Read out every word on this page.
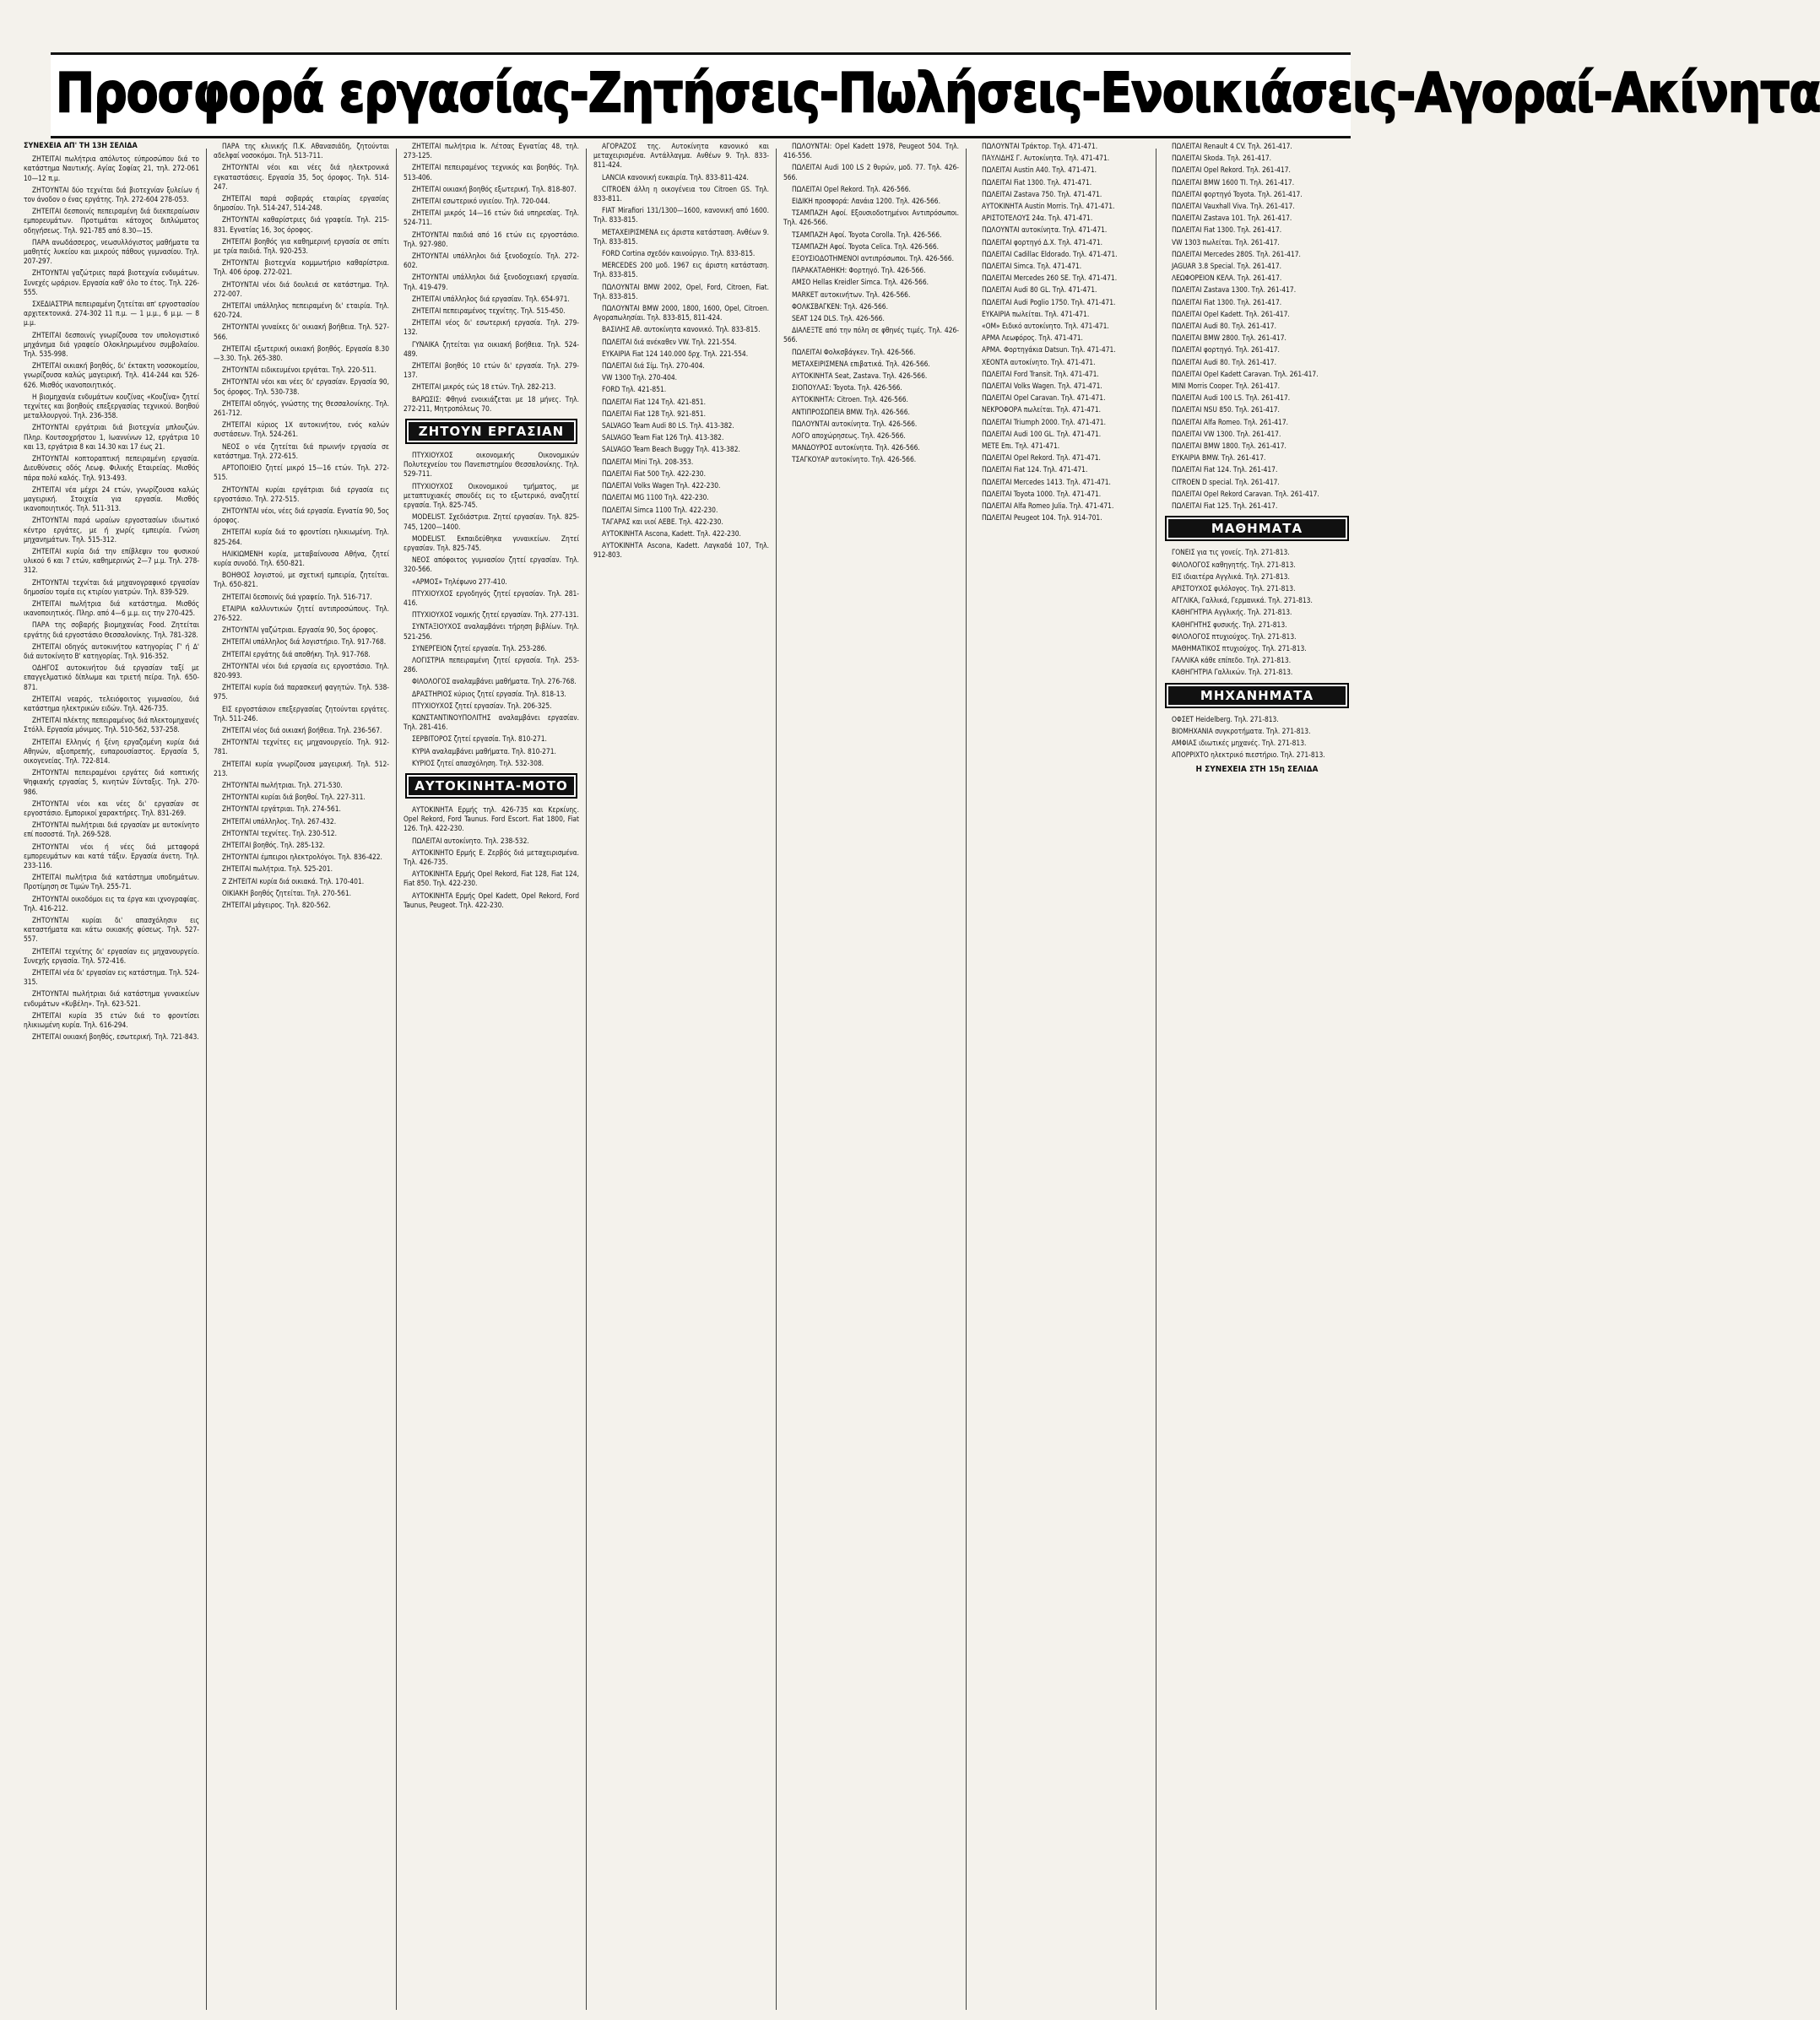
Προσφορά εργασίας-Ζητήσεις-Πωλήσεις-Ενοικιάσεις-Αγοραί-Ακίνητα
ΣΥΝΕΧΕΙΑ ΑΠ' ΤΗ 13Η ΣΕΛΙΔΑ
ΖΗΤΕΙΤΑΙ πωλήτρια απόλυτος εύπροσώπου διά το κατάστημα Ναυτικής. Αγίας Σοφίας 21, τηλ. 272-061 10—12 π.μ.
ΖΗΤΟΥΝΤΑΙ δύο τεχνίται διά βιοτεχνίαν ξυλείων ή τον άνοδον ο ένας εργάτης. Τηλ. 272-604 278-053.
ΖΗΤΕΙΤΑΙ δεσποινίς πεπειραμένη διά διεκπεραίωσιν εμπορευμάτων. Προτιμάται κάτοχος διπλώματος οδηγήσεως. Τηλ. 921-785 από 8.30—15.
ΠΑΡΑ ανωδάσσερος, νεωσυλλόγιστος μαθήματα τα μαθητές λυκείου και μικρούς πάθους γυμνασίου. Τηλ. 207-297.
ΖΗΤΟΥΝΤΑΙ γαζώτριες παρά βιοτεχνία ενδυμάτων. Συνεχές ωράριον. Εργασία καθ' όλο το έτος. Τηλ. 226-555.
ΣΧΕΔΙΑΣΤΡΙΑ πεπειραμένη ζητείται απ' εργοστασίου αρχιτεκτονικά. 274-302 11 π.μ. — 1 μ.μ., 6 μ.μ. — 8 μ.μ.
ΖΗΤΕΙΤΑΙ δεσποινίς γνωρίζουσα τον υπολογιστικό μηχάνημα διά γραφείο Ολοκληρωμένου συμβολαίου. Τηλ. 535-998.
ΖΗΤΕΙΤΑΙ οικιακή βοηθός, δι' έκτακτη νοσοκομείου, γνωρίζουσα καλώς μαγειρική. Τηλ. 414-244 και 526-626. Μισθός ικανοποιητικός.
Η βιομηχανία ενδυμάτων κουζίνας «Κουζίνα» ζητεί τεχνίτες και βοηθούς επεξεργασίας τεχνικού. Βοηθού μεταλλουργού. Τηλ. 236-358.
ΖΗΤΟΥΝΤΑΙ εργάτριαι διά βιοτεχνία μπλουζών. Πληρ. Κουτσοχρήστου 1, Ιωαννίνων 12, εργάτρια 10 και 13, εργάτρια 8 και 14.30 και 17 έως 21.
ΖΗΤΟΥΝΤΑΙ κοπτοραπτική πεπειραμένη εργασία. Διευθύνσεις οδός Λεωφ. Φιλικής Εταιρείας. Μισθός πάρα πολύ καλός. Τηλ. 913-493.
ΖΗΤΕΙΤΑΙ νέα μέχρι 24 ετών, γνωρίζουσα καλώς μαγειρική. Στοιχεία για εργασία. Μισθός ικανοποιητικός. Τηλ. 511-313.
ΖΗΤΟΥΝΤΑΙ παρά ωραίων εργοστασίων ιδιωτικό κέντρο εργάτες, με ή χωρίς εμπειρία. Γνώση μηχανημάτων. Τηλ. 515-312.
ΖΗΤΕΙΤΑΙ κυρία διά την επίβλεψιν του φυσικού υλικού 6 και 7 ετών, καθημερινώς 2—7 μ.μ. Τηλ. 278-312.
ΖΗΤΟΥΝΤΑΙ τεχνίται διά μηχανογραφικό εργασίαν δημοσίου τομέα εις κτιρίου γιατρών. Τηλ. 839-529.
ΖΗΤΕΙΤΑΙ πωλήτρια διά κατάστημα. Μισθός ικανοποιητικός. Πληρ. από 4—6 μ.μ. εις την 270-425.
ΠΑΡΑ της σοβαρής βιομηχανίας Food. Ζητείται εργάτης διά εργοστάσιο Θεσσαλονίκης. Τηλ. 781-328.
ΖΗΤΕΙΤΑΙ οδηγός αυτοκινήτου κατηγορίας Γ' ή Δ' διά αυτοκίνητο Β' κατηγορίας. Τηλ. 916-352.
ΟΔΗΓΟΣ αυτοκινήτου διά εργασίαν ταξί με επαγγελματικό δίπλωμα και τριετή πείρα. Τηλ. 650-871.
ΖΗΤΕΙΤΑΙ νεαρός, τελειόφοιτος γυμνασίου, διά κατάστημα ηλεκτρικών ειδών. Τηλ. 426-735.
ΖΗΤΕΙΤΑΙ πλέκτης πεπειραμένος διά πλεκτομηχανές Στόλλ. Εργασία μόνιμος. Τηλ. 510-562, 537-258.
ΖΗΤΕΙΤΑΙ Ελληνίς ή ξένη εργαζομένη κυρία διά Αθηνών, αξιοπρεπής, ευπαρουσίαστος. Εργασία 5, οικογενείας. Τηλ. 722-814.
ΖΗΤΟΥΝΤΑΙ πεπειραμένοι εργάτες διά κοπτικής Ψηφιακής εργασίας 5, κινητών Σύνταξις. Τηλ. 270-986.
ΖΗΤΟΥΝΤΑΙ νέοι και νέες δι' εργασίαν σε εργοστάσιο. Εμπορικοί χαρακτήρες. Τηλ. 831-269.
ΖΗΤΟΥΝΤΑΙ πωλήτριαι διά εργασίαν με αυτοκίνητο επί ποσοστά. Τηλ. 269-528.
ΖΗΤΟΥΝΤΑΙ νέοι ή νέες διά μεταφορά εμπορευμάτων και κατά τάξιν. Εργασία άνετη. Τηλ. 233-116.
ΖΗΤΕΙΤΑΙ πωλήτρια διά κατάστημα υποδημάτων. Προτίμηση σε Τιμών Τηλ. 255-71.
ΖΗΤΟΥΝΤΑΙ οικοδόμοι εις τα έργα και ιχνογραφίας. Τηλ. 416-212.
ΖΗΤΟΥΝΤΑΙ κυρίαι δι' απασχόλησιν εις καταστήματα και κάτω οικιακής φύσεως. Τηλ. 527-557.
ΖΗΤΕΙΤΑΙ τεχνίτης δι' εργασίαν εις μηχανουργείο. Συνεχής εργασία. Τηλ. 572-416.
ΖΗΤΕΙΤΑΙ νέα δι' εργασίαν εις κατάστημα. Τηλ. 524-315.
ΖΗΤΟΥΝΤΑΙ πωλήτριαι διά κατάστημα γυναικείων ενδυμάτων «Κυβέλη». Τηλ. 623-521.
ΖΗΤΕΙΤΑΙ κυρία 35 ετών διά το φροντίσει ηλικιωμένη κυρία. Τηλ. 616-294.
ΖΗΤΕΙΤΑΙ οικιακή βοηθός, εσωτερική. Τηλ. 721-843.
ΠΑΡΑ της κλινικής Π.Κ. Αθανασιάδη, ζητούνται αδελφαί νοσοκόμοι. Τηλ. 513-711.
ΖΗΤΟΥΝΤΑΙ νέοι και νέες διά ηλεκτρονικά εγκαταστάσεις. Εργασία 35, 5ος όροφος. Τηλ. 514-247.
ΖΗΤΕΙΤΑΙ παρά σοβαράς εταιρίας εργασίας δημοσίου. Τηλ. 514-247, 514-248.
ΖΗΤΟΥΝΤΑΙ καθαρίστριες διά γραφεία. Τηλ. 215-831. Εγνατίας 16, 3ος όροφος.
ΖΗΤΕΙΤΑΙ βοηθός για καθημερινή εργασία σε σπίτι με τρία παιδιά. Τηλ. 920-253.
ΖΗΤΟΥΝΤΑΙ βιοτεχνία κομμωτήριο καθαρίστρια. Τηλ. 406 όροφ. 272-021.
ΖΗΤΟΥΝΤΑΙ νέοι διά δουλειά σε κατάστημα. Τηλ. 272-007.
ΖΗΤΕΙΤΑΙ υπάλληλος πεπειραμένη δι' εταιρία. Τηλ. 620-724.
ΖΗΤΟΥΝΤΑΙ γυναίκες δι' οικιακή βοήθεια. Τηλ. 527-566.
ΖΗΤΕΙΤΑΙ εξωτερική οικιακή βοηθός. Εργασία 8.30—3.30. Τηλ. 265-380.
ΖΗΤΟΥΝΤΑΙ ειδικευμένοι εργάται. Τηλ. 220-511.
ΖΗΤΟΥΝΤΑΙ νέοι και νέες δι' εργασίαν. Εργασία 90, 5ος όροφος. Τηλ. 530-738.
ΖΗΤΕΙΤΑΙ οδηγός, γνώστης της Θεσσαλονίκης. Τηλ. 261-712.
ΖΗΤΕΙΤΑΙ κύριος 1Χ αυτοκινήτου, ενός καλών συστάσεων. Τηλ. 524-261.
ΝΕΟΣ ο νέα ζητείται διά πρωινήν εργασία σε κατάστημα. Τηλ. 272-615.
ΑΡΤΟΠΟΙΕΙΟ ζητεί μικρό 15—16 ετών. Τηλ. 272-515.
ΖΗΤΟΥΝΤΑΙ κυρίαι εργάτριαι διά εργασία εις εργοστάσιο. Τηλ. 272-515.
ΖΗΤΟΥΝΤΑΙ νέοι, νέες διά εργασία. Εγνατία 90, 5ος όροφος.
ΖΗΤΕΙΤΑΙ κυρία διά το φροντίσει ηλικιωμένη. Τηλ. 825-264.
ΗΛΙΚΙΩΜΕΝΗ κυρία, μεταβαίνουσα Αθήνα, ζητεί κυρία συνοδό. Τηλ. 650-821.
ΒΟΗΘΟΣ λογιστού, με σχετική εμπειρία, ζητείται. Τηλ. 650-821.
ΖΗΤΕΙΤΑΙ δεσποινίς διά γραφείο. Τηλ. 516-717.
ΕΤΑΙΡΙΑ καλλυντικών ζητεί αντιπροσώπους. Τηλ. 276-522.
ΖΗΤΟΥΝΤΑΙ γαζώτριαι. Εργασία 90, 5ος όροφος.
ΖΗΤΕΙΤΑΙ υπάλληλος διά λογιστήριο. Τηλ. 917-768.
ΖΗΤΕΙΤΑΙ εργάτης διά αποθήκη. Τηλ. 917-768.
ΖΗΤΟΥΝΤΑΙ νέοι διά εργασία εις εργοστάσιο. Τηλ. 820-993.
ΖΗΤΕΙΤΑΙ κυρία διά παρασκευή φαγητών. Τηλ. 538-975.
ΕΙΣ εργοστάσιον επεξεργασίας ζητούνται εργάτες. Τηλ. 511-246.
ΖΗΤΕΙΤΑΙ νέος διά οικιακή βοήθεια. Τηλ. 236-567.
ΖΗΤΟΥΝΤΑΙ τεχνίτες εις μηχανουργείο. Τηλ. 912-781.
ΖΗΤΕΙΤΑΙ κυρία γνωρίζουσα μαγειρική. Τηλ. 512-213.
ΖΗΤΟΥΝΤΑΙ πωλήτριαι. Τηλ. 271-530.
ΖΗΤΟΥΝΤΑΙ κυρίαι διά βοηθοί. Τηλ. 227-311.
ΖΗΤΟΥΝΤΑΙ εργάτριαι. Τηλ. 274-561.
ΖΗΤΕΙΤΑΙ υπάλληλος. Τηλ. 267-432.
ΖΗΤΟΥΝΤΑΙ τεχνίτες. Τηλ. 230-512.
ΖΗΤΕΙΤΑΙ βοηθός. Τηλ. 285-132.
ΖΗΤΟΥΝΤΑΙ έμπειροι ηλεκτρολόγοι. Τηλ. 836-422.
ΖΗΤΕΙΤΑΙ πωλήτρια. Τηλ. 525-201.
Ζ ΖΗΤΕΙΤΑΙ κυρία διά οικιακά. Τηλ. 170-401.
ΟΙΚΙΑΚΗ βοηθός ζητείται. Τηλ. 270-561.
ΖΗΤΕΙΤΑΙ μάγειρος. Τηλ. 820-562.
ΖΗΤΕΙΤΑΙ πωλήτρια Ικ. Λέτσας Εγνατίας 48, τηλ. 273-125.
ΖΗΤΕΙΤΑΙ πεπειραμένος τεχνικός και βοηθός. Τηλ. 513-406.
ΖΗΤΕΙΤΑΙ οικιακή βοηθός εξωτερική. Τηλ. 818-807.
ΖΗΤΕΙΤΑΙ εσωτερικό υγιείου. Τηλ. 720-044.
ΖΗΤΕΙΤΑΙ μικρός 14—16 ετών διά υπηρεσίας. Τηλ. 524-711.
ΖΗΤΟΥΝΤΑΙ παιδιά από 16 ετών εις εργοστάσιο. Τηλ. 927-980.
ΖΗΤΟΥΝΤΑΙ υπάλληλοι διά ξενοδοχείο. Τηλ. 272-602.
ΖΗΤΟΥΝΤΑΙ υπάλληλοι διά ξενοδοχειακή εργασία. Τηλ. 419-479.
ΖΗΤΕΙΤΑΙ υπάλληλος διά εργασίαν. Τηλ. 654-971.
ΖΗΤΕΙΤΑΙ πεπειραμένος τεχνίτης. Τηλ. 515-450.
ΖΗΤΕΙΤΑΙ νέος δι' εσωτερική εργασία. Τηλ. 279-132.
ΓΥΝΑΙΚΑ ζητείται για οικιακή βοήθεια. Τηλ. 524-489.
ΖΗΤΕΙΤΑΙ βοηθός 10 ετών δι' εργασία. Τηλ. 279-137.
ΖΗΤΕΙΤΑΙ μικρός εώς 18 ετών. Τηλ. 282-213.
ΒΑΡΩΣΙΣ: Φθηνά ενοικιάζεται με 18 μήνες. Τηλ. 272-211, Μητροπόλεως 70.
ΖΗΤΟΥΝ ΕΡΓΑΣΙΑΝ
ΠΤΥΧΙΟΥΧΟΣ οικονομικής Οικονομικών Πολυτεχνείου του Πανεπιστημίου Θεσσαλονίκης. Τηλ. 529-711.
ΠΤΥΧΙΟΥΧΟΣ Οικονομικού τμήματος, με μεταπτυχιακές σπουδές εις το εξωτερικό, αναζητεί εργασία. Τηλ. 825-745.
ΜΟDELIST. Σχεδιάστρια. Ζητεί εργασίαν. Τηλ. 825-745, 1200—1400.
ΜΟDELIST. Εκπαιδεύθηκα γυναικείων. Ζητεί εργασίαν. Τηλ. 825-745.
ΝΕΟΣ απόφοιτος γυμνασίου ζητεί εργασίαν. Τηλ. 320-566.
«ΑΡΜΟΣ» Τηλέφωνο 277-410.
ΠΤΥΧΙΟΥΧΟΣ εργοδηγός ζητεί εργασίαν. Τηλ. 281-416.
ΠΤΥΧΙΟΥΧΟΣ νομικής ζητεί εργασίαν. Τηλ. 277-131.
ΣΥΝΤΑΞΙΟΥΧΟΣ αναλαμβάνει τήρηση βιβλίων. Τηλ. 521-256.
ΣΥΝΕΡΓΕΙΟΝ ζητεί εργασία. Τηλ. 253-286.
ΛΟΓΙΣΤΡΙΑ πεπειραμένη ζητεί εργασία. Τηλ. 253-286.
ΦΙΛΟΛΟΓΟΣ αναλαμβάνει μαθήματα. Τηλ. 276-768.
ΔΡΑΣΤΗΡΙΟΣ κύριος ζητεί εργασία. Τηλ. 818-13.
ΠΤΥΧΙΟΥΧΟΣ ζητεί εργασίαν. Τηλ. 206-325.
ΚΩΝΣΤΑΝΤΙΝΟΥΠΟΛΙΤΗΣ αναλαμβάνει εργασίαν. Τηλ. 281-416.
ΣΕΡΒΙΤΟΡΟΣ ζητεί εργασία. Τηλ. 810-271.
ΚΥΡΙΑ αναλαμβάνει μαθήματα. Τηλ. 810-271.
ΚΥΡΙΟΣ ζητεί απασχόληση. Τηλ. 532-308.
ΑΥΤΟΚΙΝΗΤΑ-ΜΟΤΟ
ΑΥΤΟΚΙΝΗΤΑ Ερμής τηλ. 426-735 και Κερκίνης. Opel Rekord, Ford Taunus. Ford Escort. Fiat 1800, Fiat 126. Τηλ. 422-230.
ΠΩΛΕΙΤΑΙ αυτοκίνητο. Τηλ. 238-532.
ΑΥΤΟΚΙΝΗΤΟ Ερμής Ε. Ζερβός διά μεταχειρισμένα. Τηλ. 426-735.
ΑΥΤΟΚΙΝΗΤΑ Ερμής Opel Rekord, Fiat 128, Fiat 124, Fiat 850. Τηλ. 422-230.
ΑΥΤΟΚΙΝΗΤΑ Ερμής Opel Kadett, Opel Rekord, Ford Taunus, Peugeot. Τηλ. 422-230.
ΑΓΟΡΑΖΟΣ της. Αυτοκίνητα κανονικό και μεταχειρισμένα. Αντάλλαγμα. Ανθέων 9. Τηλ. 833-811-424.
LANCIA κανονική ευκαιρία. Τηλ. 833-811-424.
CITROEN άλλη η οικογένεια του Citroen GS. Τηλ. 833-811.
FIAT Mirafiori 131/1300—1600, κανονική από 1600. Τηλ. 833-815.
ΜΕΤΑΧΕΙΡΙΣΜΕΝΑ εις άριστα κατάσταση. Ανθέων 9. Τηλ. 833-815.
FORD Cortina σχεδόν καινούργιο. Τηλ. 833-815.
MERCEDES 200 μοδ. 1967 εις άριστη κατάσταση. Τηλ. 833-815.
ΠΩΛΟΥΝΤΑΙ BMW 2002, Opel, Ford, Citroen, Fiat. Τηλ. 833-815.
ΠΩΛΟΥΝΤΑΙ BMW 2000, 1800, 1600, Opel, Citroen. Αγοραπωλησίαι. Τηλ. 833-815, 811-424.
ΒΑΣΙΛΗΣ Αθ. αυτοκίνητα κανονικό. Τηλ. 833-815.
ΠΩΛΕΙΤΑΙ διά ανέκαθεν VW. Τηλ. 221-554.
ΕΥΚΑΙΡΙΑ Fiat 124 140.000 δρχ. Τηλ. 221-554.
ΠΩΛΕΙΤΑΙ διά Σίμ. Τηλ. 270-404.
VW 1300 Τηλ. 270-404.
FORD Τηλ. 421-851.
ΠΩΛΕΙΤΑΙ Fiat 124 Τηλ. 421-851.
ΠΩΛΕΙΤΑΙ Fiat 128 Τηλ. 921-851.
SALVAGO Team Audi 80 LS. Τηλ. 413-382.
SALVAGO Team Fiat 126 Τηλ. 413-382.
SALVAGO Team Beach Buggy Τηλ. 413-382.
ΠΩΛΕΙΤΑΙ Mini Τηλ. 208-353.
ΠΩΛΕΙΤΑΙ Fiat 500 Τηλ. 422-230.
ΠΩΛΕΙΤΑΙ Volks Wagen Τηλ. 422-230.
ΠΩΛΕΙΤΑΙ MG 1100 Τηλ. 422-230.
ΠΩΛΕΙΤΑΙ Simca 1100 Τηλ. 422-230.
ΤΑΓΑΡΑΣ και υιοί ΑΕΒΕ. Τηλ. 422-230.
ΑΥΤΟΚΙΝΗΤΑ Ascona, Kadett. Τηλ. 422-230.
ΑΥΤΟΚΙΝΗΤΑ Ascona, Kadett. Λαγκαδά 107, Τηλ. 912-803.
ΠΩΛΟΥΝΤΑΙ: Opel Kadett 1978, Peugeot 504. Τηλ. 416-556.
ΠΩΛΕΙΤΑΙ Audi 100 LS 2 θυρών, μοδ. 77. Τηλ. 426-566.
ΠΩΛΕΙΤΑΙ Opel Rekord. Τηλ. 426-566.
ΕΙΔΙΚΗ προσφορά: Λανάια 1200. Τηλ. 426-566.
ΤΣΑΜΠΑΖΗ Αφοί. Εξουσιοδοτημένοι Αντιπρόσωποι. Τηλ. 426-566.
ΤΣΑΜΠΑΖΗ Αφοί. Toyota Corolla. Τηλ. 426-566.
ΤΣΑΜΠΑΖΗ Αφοί. Toyota Celica. Τηλ. 426-566.
ΕΞΟΥΣΙΟΔΟΤΗΜΕΝΟΙ αντιπρόσωποι. Τηλ. 426-566.
ΠΑΡΑΚΑΤΑΘΗΚΗ: Φορτηγό. Τηλ. 426-566.
ΑΜΣΟ Hellas Kreidler Simca. Τηλ. 426-566.
ΜARKET αυτοκινήτων. Τηλ. 426-566.
ΦΟΛΚΣΒΑΓΚΕΝ: Τηλ. 426-566.
SEAT 124 DLS. Τηλ. 426-566.
ΔΙΑΛΕΞΤΕ από την πόλη σε φθηνές τιμές. Τηλ. 426-566.
ΠΩΛΕΙΤΑΙ Φολκσβάγκεν. Τηλ. 426-566.
ΜΕΤΑΧΕΙΡΙΣΜΕΝΑ επιβατικά. Τηλ. 426-566.
ΑΥΤΟΚΙΝΗΤΑ Seat, Zastava. Τηλ. 426-566.
ΣΙΟΠΟΥΛΑΣ: Toyota. Τηλ. 426-566.
ΑΥΤΟΚΙΝΗΤΑ: Citroen. Τηλ. 426-566.
ΑΝΤΙΠΡΟΣΩΠΕΙΑ BMW. Τηλ. 426-566.
ΠΩΛΟΥΝΤΑΙ αυτοκίνητα. Τηλ. 426-566.
ΛΟΓΟ αποχώρησεως. Τηλ. 426-566.
ΜΑΝΔΟΥΡΟΣ αυτοκίνητα. Τηλ. 426-566.
ΤΣΑΓΚΟΥΑΡ αυτοκίνητο. Τηλ. 426-566.
ΠΩΛΟΥΝΤΑΙ Τράκτορ. Τηλ. 471-471.
ΠΑΥΛΙΔΗΣ Γ. Αυτοκίνητα. Τηλ. 471-471.
ΠΩΛΕΙΤΑΙ Austin A40. Τηλ. 471-471.
ΠΩΛΕΙΤΑΙ Fiat 1300. Τηλ. 471-471.
ΠΩΛΕΙΤΑΙ Zastava 750. Τηλ. 471-471.
ΑΥΤΟΚΙΝΗΤΑ Austin Morris. Τηλ. 471-471.
ΑΡΙΣΤΟΤΕΛΟΥΣ 24α. Τηλ. 471-471.
ΠΩΛΟΥΝΤΑΙ αυτοκίνητα. Τηλ. 471-471.
ΠΩΛΕΙΤΑΙ φορτηγό Δ.Χ. Τηλ. 471-471.
ΠΩΛΕΙΤΑΙ Cadillac Eldorado. Τηλ. 471-471.
ΠΩΛΕΙΤΑΙ Simca. Τηλ. 471-471.
ΠΩΛΕΙΤΑΙ Mercedes 260 SE. Τηλ. 471-471.
ΠΩΛΕΙΤΑΙ Audi 80 GL. Τηλ. 471-471.
ΠΩΛΕΙΤΑΙ Audi Poglio 1750. Τηλ. 471-471.
ΕΥΚΑΙΡΙΑ πωλείται. Τηλ. 471-471.
«ΟΜ» Ειδικό αυτοκίνητο. Τηλ. 471-471.
ΑΡΜΑ Λεωφόρος. Τηλ. 471-471.
ΑΡΜΑ. Φορτηγάκια Datsun. Τηλ. 471-471.
ΧΕΟΝΤΑ αυτοκίνητο. Τηλ. 471-471.
ΠΩΛΕΙΤΑΙ Ford Transit. Τηλ. 471-471.
ΠΩΛΕΙΤΑΙ Volks Wagen. Τηλ. 471-471.
ΠΩΛΕΙΤΑΙ Opel Caravan. Τηλ. 471-471.
ΝΕΚΡΟΦΟΡΑ πωλείται. Τηλ. 471-471.
ΠΩΛΕΙΤΑΙ Triumph 2000. Τηλ. 471-471.
ΠΩΛΕΙΤΑΙ Audi 100 GL. Τηλ. 471-471.
ΜΕΤΕ Επι. Τηλ. 471-471.
ΠΩΛΕΙΤΑΙ Opel Rekord. Τηλ. 471-471.
ΠΩΛΕΙΤΑΙ Fiat 124. Τηλ. 471-471.
ΠΩΛΕΙΤΑΙ Mercedes 1413. Τηλ. 471-471.
ΠΩΛΕΙΤΑΙ Toyota 1000. Τηλ. 471-471.
ΠΩΛΕΙΤΑΙ Alfa Romeo Julia. Τηλ. 471-471.
ΠΩΛΕΙΤΑΙ Peugeot 104. Τηλ. 914-701.
ΠΩΛΕΙΤΑΙ Renault 4 CV. Τηλ. 261-417.
ΠΩΛΕΙΤΑΙ Skoda. Τηλ. 261-417.
ΠΩΛΕΙΤΑΙ Opel Rekord. Τηλ. 261-417.
ΠΩΛΕΙΤΑΙ BMW 1600 TI. Τηλ. 261-417.
ΠΩΛΕΙΤΑΙ φορτηγό Toyota. Τηλ. 261-417.
ΠΩΛΕΙΤΑΙ Vauxhall Viva. Τηλ. 261-417.
ΠΩΛΕΙΤΑΙ Zastava 101. Τηλ. 261-417.
ΠΩΛΕΙΤΑΙ Fiat 1300. Τηλ. 261-417.
VW 1303 πωλείται. Τηλ. 261-417.
ΠΩΛΕΙΤΑΙ Mercedes 280S. Τηλ. 261-417.
JAGUAR 3.8 Special. Τηλ. 261-417.
ΛΕΩΦΟΡΕΙΟΝ ΚΕΛΑ. Τηλ. 261-417.
ΠΩΛΕΙΤΑΙ Zastava 1300. Τηλ. 261-417.
ΠΩΛΕΙΤΑΙ Fiat 1300. Τηλ. 261-417.
ΠΩΛΕΙΤΑΙ Opel Kadett. Τηλ. 261-417.
ΠΩΛΕΙΤΑΙ Audi 80. Τηλ. 261-417.
ΠΩΛΕΙΤΑΙ BMW 2800. Τηλ. 261-417.
ΠΩΛΕΙΤΑΙ φορτηγό. Τηλ. 261-417.
ΠΩΛΕΙΤΑΙ Audi 80. Τηλ. 261-417.
ΠΩΛΕΙΤΑΙ Opel Kadett Caravan. Τηλ. 261-417.
MINI Morris Cooper. Τηλ. 261-417.
ΠΩΛΕΙΤΑΙ Audi 100 LS. Τηλ. 261-417.
ΠΩΛΕΙΤΑΙ NSU 850. Τηλ. 261-417.
ΠΩΛΕΙΤΑΙ Alfa Romeo. Τηλ. 261-417.
ΠΩΛΕΙΤΑΙ VW 1300. Τηλ. 261-417.
ΠΩΛΕΙΤΑΙ BMW 1800. Τηλ. 261-417.
ΕΥΚΑΙΡΙΑ BMW. Τηλ. 261-417.
ΠΩΛΕΙΤΑΙ Fiat 124. Τηλ. 261-417.
CITROEN D special. Τηλ. 261-417.
ΠΩΛΕΙΤΑΙ Opel Rekord Caravan. Τηλ. 261-417.
ΠΩΛΕΙΤΑΙ Fiat 125. Τηλ. 261-417.
ΜΑΘΗΜΑΤΑ
ΓΟΝΕΙΣ για τις γονείς. Τηλ. 271-813.
ΦΙΛΟΛΟΓΟΣ καθηγητής. Τηλ. 271-813.
ΕΙΣ ιδιαιτέρα Αγγλικά. Τηλ. 271-813.
ΑΡΙΣΤΟΥΧΟΣ φιλόλογος. Τηλ. 271-813.
ΑΓΓΛΙΚΑ, Γαλλικά, Γερμανικά. Τηλ. 271-813.
ΚΑΘΗΓΗΤΡΙΑ Αγγλικής. Τηλ. 271-813.
ΚΑΘΗΓΗΤΗΣ φυσικής. Τηλ. 271-813.
ΦΙΛΟΛΟΓΟΣ πτυχιούχος. Τηλ. 271-813.
ΜΑΘΗΜΑΤΙΚΟΣ πτυχιούχος. Τηλ. 271-813.
ΓΑΛΛΙΚΑ κάθε επίπεδο. Τηλ. 271-813.
ΚΑΘΗΓΗΤΡΙΑ Γαλλικών. Τηλ. 271-813.
ΜΗΧΑΝΗΜΑΤΑ
ΟΦΣΕΤ Heidelberg. Τηλ. 271-813.
ΒΙΟΜΗΧΑΝΙΑ συγκροτήματα. Τηλ. 271-813.
ΑΜΦΙΑΣ ιδιωτικές μηχανές. Τηλ. 271-813.
ΑΠΟΡΡΙΧΤΟ ηλεκτρικό πιεστήριο. Τηλ. 271-813.
Η ΣΥΝΕΧΕΙΑ ΣΤΗ 15η ΣΕΛΙΔΑ
